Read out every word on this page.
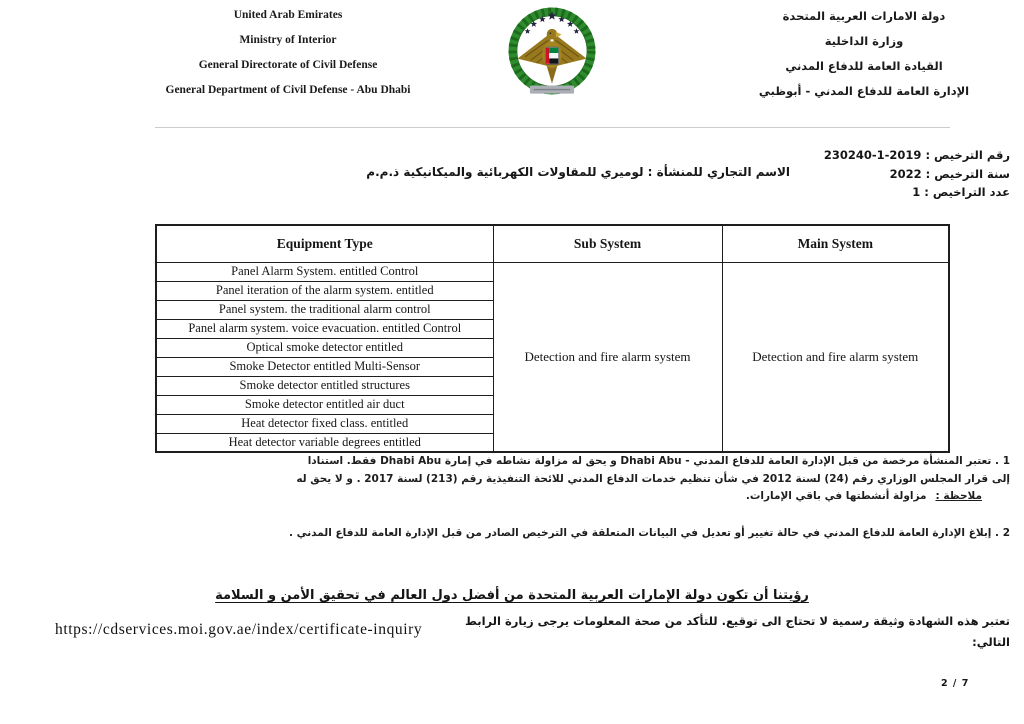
United Arab Emirates
Ministry of Interior
General Directorate of Civil Defense
General Department of Civil Defense - Abu Dhabi
دولة الامارات العربية المتحدة
وزارة الداخلية
القيادة العامة للدفاع المدني
الإدارة العامة للدفاع المدني - أبوظبي
رقم الترخيص : 2019-1-230240
سنة الترخيص : 2022
عدد التراخيص : 1
الاسم التجاري للمنشأة : لوميري للمقاولات الكهربائية والميكانيكية ذ.م.م
Equipment Type	Sub System	Main System
Panel Alarm System. entitled Control	Detection and fire alarm system	Detection and fire alarm system
Panel iteration of the alarm system. entitled		
Panel system. the traditional alarm control		
Panel alarm system. voice evacuation. entitled Control		
Optical smoke detector entitled		
Smoke Detector entitled Multi-Sensor		
Smoke detector entitled structures		
Smoke detector entitled air duct		
Heat detector fixed class. entitled		
Heat detector variable degrees entitled		
1 . تعتبر المنشأة مرخصة من قبل الإدارة العامة للدفاع المدني - Dhabi Abu و يحق له مزاولة نشاطه في إمارة Dhabi Abu فقط. استنادا
إلى قرار المجلس الوزاري رقم (24) لسنة 2012 في شأن تنظيم خدمات الدفاع المدني للائحة التنفيذية رقم (213) لسنة 2017 . و لا يحق له
ملاحظة :مزاولة أنشطتها في باقي الإمارات.
2 . إبلاغ الإدارة العامة للدفاع المدني في حالة تغيير أو تعديل في البيانات المتعلقة في الترخيص الصادر من قبل الإدارة العامة للدفاع المدني .
رؤيتنا أن تكون دولة الإمارات العربية المتحدة من أفضل دول العالم في تحقيق الأمن و السلامة
تعتبر هذه الشهادة وثيقة رسمية لا تحتاج الى توقيع. للتأكد من صحة المعلومات يرجى زيارة الرابط
التالي:
https://cdservices.moi.gov.ae/index/certificate-inquiry
2 / 7
